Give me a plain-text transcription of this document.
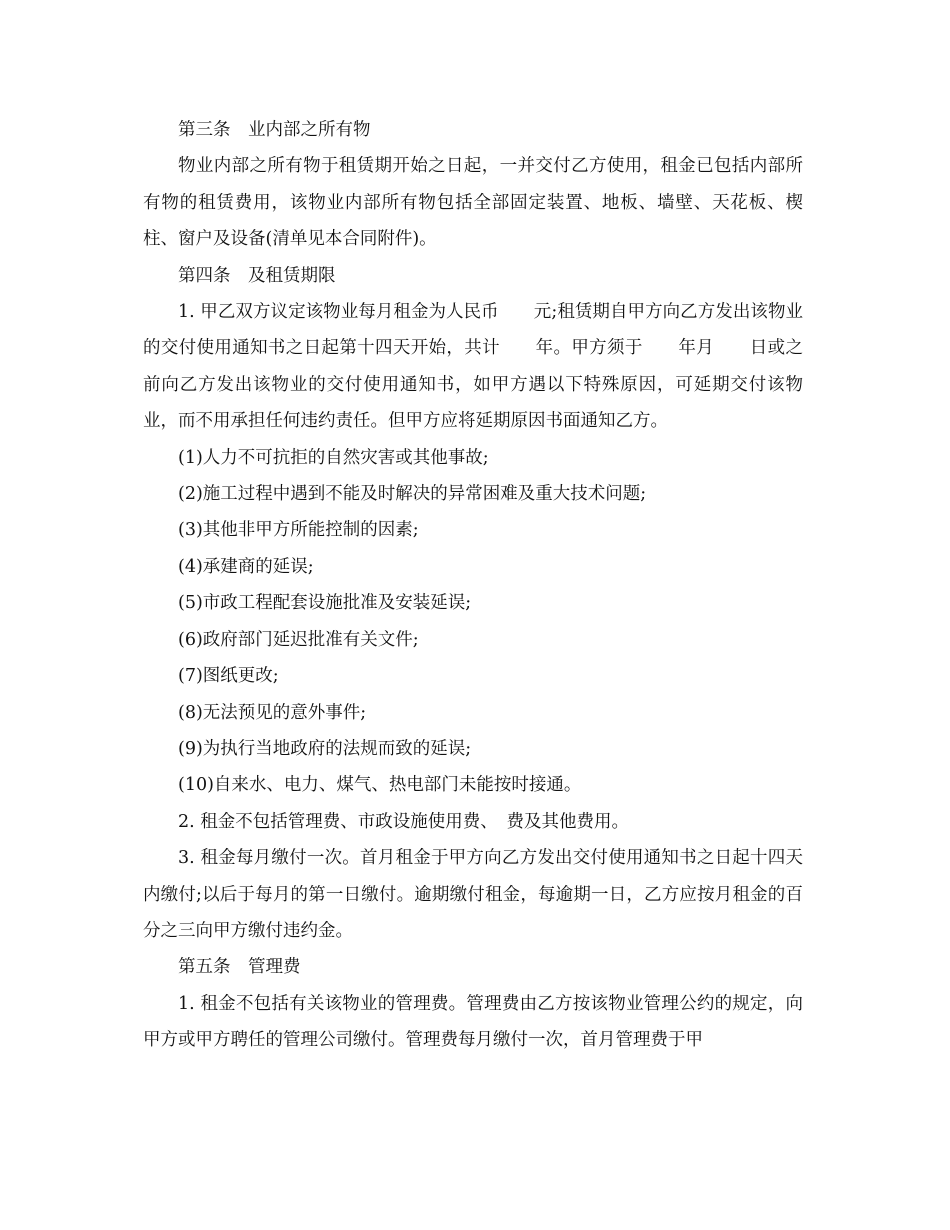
第三条　业内部之所有物

物业内部之所有物于租赁期开始之日起，一并交付乙方使用，租金已包括内部所有物的租赁费用，该物业内部所有物包括全部固定装置、地板、墙壁、天花板、楔柱、窗户及设备(清单见本合同附件)。

第四条　及租赁期限

1. 甲乙双方议定该物业每月租金为人民币　　元;租赁期自甲方向乙方发出该物业的交付使用通知书之日起第十四天开始，共计　　年。甲方须于　　年月　　日或之前向乙方发出该物业的交付使用通知书，如甲方遇以下特殊原因，可延期交付该物业，而不用承担任何违约责任。但甲方应将延期原因书面通知乙方。

(1)人力不可抗拒的自然灾害或其他事故;

(2)施工过程中遇到不能及时解决的异常困难及重大技术问题;

(3)其他非甲方所能控制的因素;

(4)承建商的延误;

(5)市政工程配套设施批准及安装延误;

(6)政府部门延迟批准有关文件;

(7)图纸更改;

(8)无法预见的意外事件;

(9)为执行当地政府的法规而致的延误;

(10)自来水、电力、煤气、热电部门未能按时接通。

2. 租金不包括管理费、市政设施使用费、　费及其他费用。

3. 租金每月缴付一次。首月租金于甲方向乙方发出交付使用通知书之日起十四天内缴付;以后于每月的第一日缴付。逾期缴付租金，每逾期一日，乙方应按月租金的百分之三向甲方缴付违约金。

第五条　管理费

1. 租金不包括有关该物业的管理费。管理费由乙方按该物业管理公约的规定，向甲方或甲方聘任的管理公司缴付。管理费每月缴付一次，首月管理费于甲
